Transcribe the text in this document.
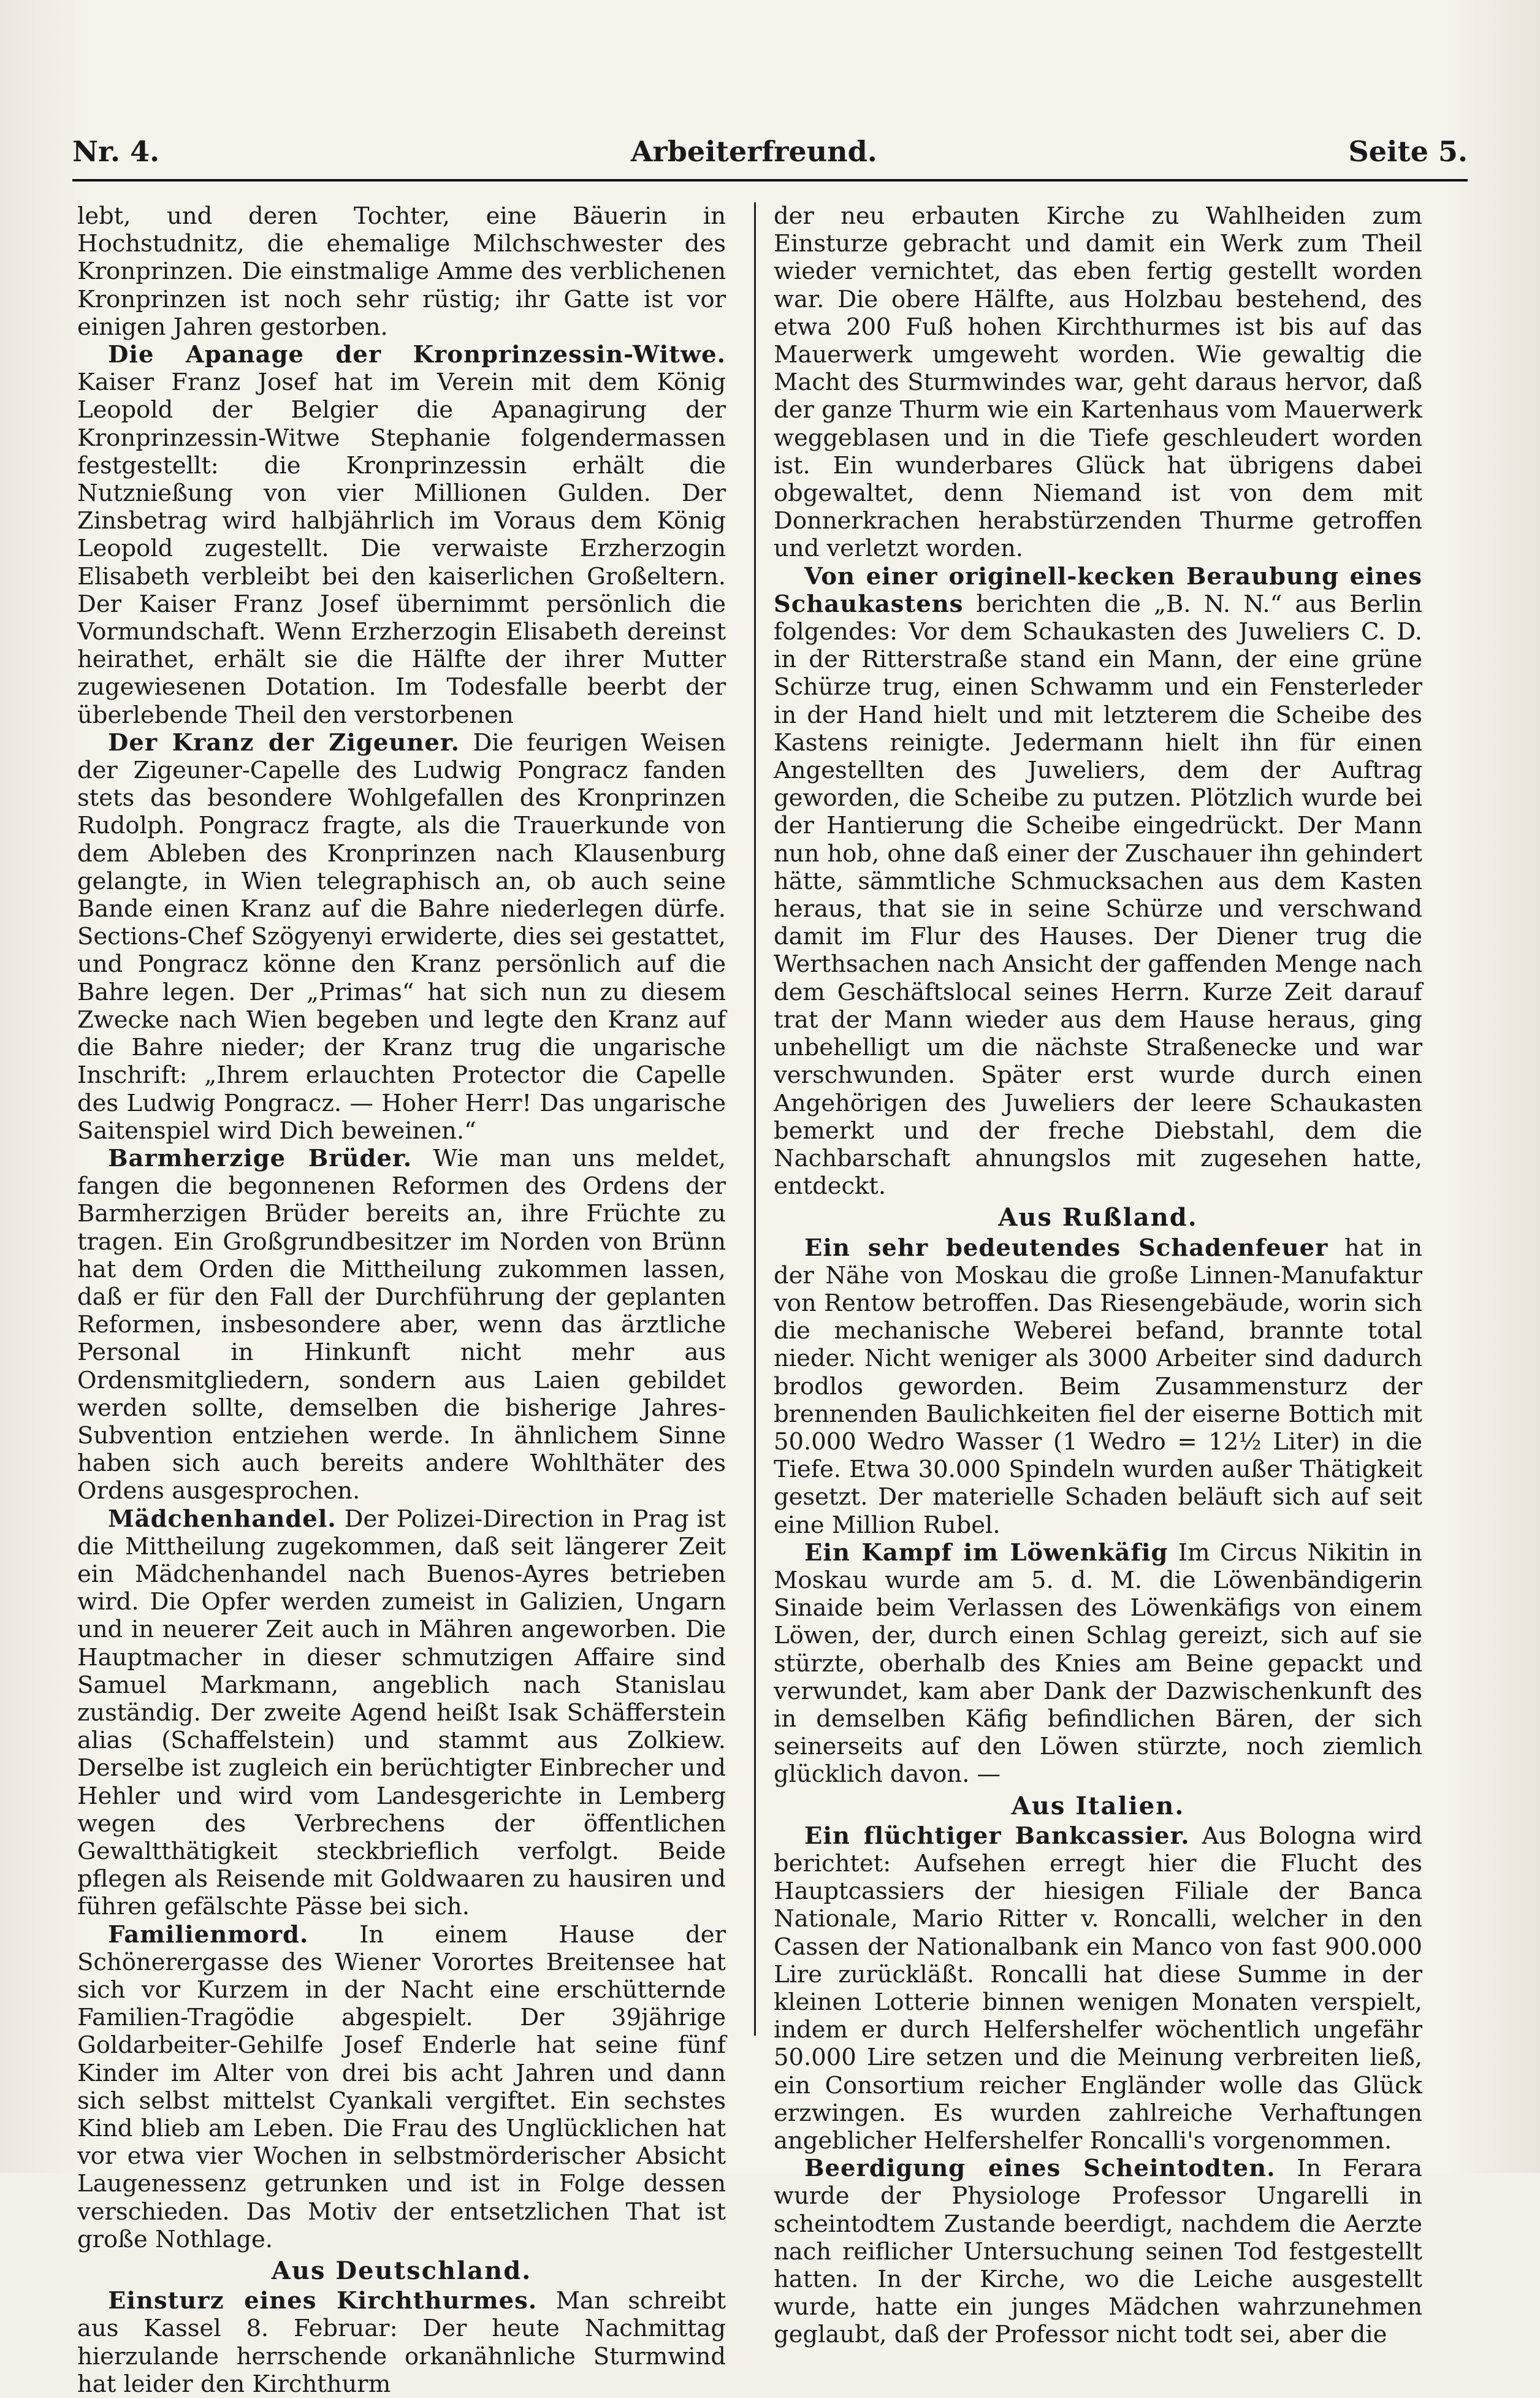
Nr. 4.	Arbeiterfreund.	Seite 5.

lebt, und deren Tochter, eine Bäuerin in Hochstudnitz, die ehemalige Milchschwester des Kronprinzen. Die einstmalige Amme des verblichenen Kronprinzen ist noch sehr rüstig; ihr Gatte ist vor einigen Jahren gestorben.

Die Apanage der Kronprinzessin-Witwe. Kaiser Franz Josef hat im Verein mit dem König Leopold der Belgier die Apanagirung der Kronprinzessin-Witwe Stephanie folgendermassen festgestellt: die Kronprinzessin erhält die Nutznießung von vier Millionen Gulden. Der Zinsbetrag wird halbjährlich im Voraus dem König Leopold zugestellt. Die verwaiste Erzherzogin Elisabeth verbleibt bei den kaiserlichen Großeltern. Der Kaiser Franz Josef übernimmt persönlich die Vormundschaft. Wenn Erzherzogin Elisabeth dereinst heirathet, erhält sie die Hälfte der ihrer Mutter zugewiesenen Dotation. Im Todesfalle beerbt der überlebende Theil den verstorbenen

Der Kranz der Zigeuner. Die feurigen Weisen der Zigeuner-Capelle des Ludwig Pongracz fanden stets das besondere Wohlgefallen des Kronprinzen Rudolph. Pongracz fragte, als die Trauerkunde von dem Ableben des Kronprinzen nach Klausenburg gelangte, in Wien telegraphisch an, ob auch seine Bande einen Kranz auf die Bahre niederlegen dürfe. Sections-Chef Szögyenyi erwiderte, dies sei gestattet, und Pongracz könne den Kranz persönlich auf die Bahre legen. Der „Primas“ hat sich nun zu diesem Zwecke nach Wien begeben und legte den Kranz auf die Bahre nieder; der Kranz trug die ungarische Inschrift: „Ihrem erlauchten Protector die Capelle des Ludwig Pongracz. — Hoher Herr! Das ungarische Saitenspiel wird Dich beweinen.“

Barmherzige Brüder. Wie man uns meldet, fangen die begonnenen Reformen des Ordens der Barmherzigen Brüder bereits an, ihre Früchte zu tragen. Ein Großgrundbesitzer im Norden von Brünn hat dem Orden die Mittheilung zukommen lassen, daß er für den Fall der Durchführung der geplanten Reformen, insbesondere aber, wenn das ärztliche Personal in Hinkunft nicht mehr aus Ordensmitgliedern, sondern aus Laien gebildet werden sollte, demselben die bisherige Jahres-Subvention entziehen werde. In ähnlichem Sinne haben sich auch bereits andere Wohlthäter des Ordens ausgesprochen.

Mädchenhandel. Der Polizei-Direction in Prag ist die Mittheilung zugekommen, daß seit längerer Zeit ein Mädchenhandel nach Buenos-Ayres betrieben wird. Die Opfer werden zumeist in Galizien, Ungarn und in neuerer Zeit auch in Mähren angeworben. Die Hauptmacher in dieser schmutzigen Affaire sind Samuel Markmann, angeblich nach Stanislau zuständig. Der zweite Agend heißt Isak Schäfferstein alias (Schaffelstein) und stammt aus Zolkiew. Derselbe ist zugleich ein berüchtigter Einbrecher und Hehler und wird vom Landesgerichte in Lemberg wegen des Verbrechens der öffentlichen Gewaltthätigkeit steckbrieflich verfolgt. Beide pflegen als Reisende mit Goldwaaren zu hausiren und führen gefälschte Pässe bei sich.

Familienmord. In einem Hause der Schönerergasse des Wiener Vorortes Breitensee hat sich vor Kurzem in der Nacht eine erschütternde Familien-Tragödie abgespielt. Der 39jährige Goldarbeiter-Gehilfe Josef Enderle hat seine fünf Kinder im Alter von drei bis acht Jahren und dann sich selbst mittelst Cyankali vergiftet. Ein sechstes Kind blieb am Leben. Die Frau des Unglücklichen hat vor etwa vier Wochen in selbstmörderischer Absicht Laugenessenz getrunken und ist in Folge dessen verschieden. Das Motiv der entsetzlichen That ist große Nothlage.

Aus Deutschland.

Einsturz eines Kirchthurmes. Man schreibt aus Kassel 8. Februar: Der heute Nachmittag hierzulande herrschende orkanähnliche Sturmwind hat leider den Kirchthurm

der neu erbauten Kirche zu Wahlheiden zum Einsturze gebracht und damit ein Werk zum Theil wieder vernichtet, das eben fertig gestellt worden war. Die obere Hälfte, aus Holzbau bestehend, des etwa 200 Fuß hohen Kirchthurmes ist bis auf das Mauerwerk umgeweht worden. Wie gewaltig die Macht des Sturmwindes war, geht daraus hervor, daß der ganze Thurm wie ein Kartenhaus vom Mauerwerk weggeblasen und in die Tiefe geschleudert worden ist. Ein wunderbares Glück hat übrigens dabei obgewaltet, denn Niemand ist von dem mit Donnerkrachen herabstürzenden Thurme getroffen und verletzt worden.

Von einer originell-kecken Beraubung eines Schaukastens berichten die „B. N. N.“ aus Berlin folgendes: Vor dem Schaukasten des Juweliers C. D. in der Ritterstraße stand ein Mann, der eine grüne Schürze trug, einen Schwamm und ein Fensterleder in der Hand hielt und mit letzterem die Scheibe des Kastens reinigte. Jedermann hielt ihn für einen Angestellten des Juweliers, dem der Auftrag geworden, die Scheibe zu putzen. Plötzlich wurde bei der Hantierung die Scheibe eingedrückt. Der Mann nun hob, ohne daß einer der Zuschauer ihn gehindert hätte, sämmtliche Schmucksachen aus dem Kasten heraus, that sie in seine Schürze und verschwand damit im Flur des Hauses. Der Diener trug die Werthsachen nach Ansicht der gaffenden Menge nach dem Geschäftslocal seines Herrn. Kurze Zeit darauf trat der Mann wieder aus dem Hause heraus, ging unbehelligt um die nächste Straßenecke und war verschwunden. Später erst wurde durch einen Angehörigen des Juweliers der leere Schaukasten bemerkt und der freche Diebstahl, dem die Nachbarschaft ahnungslos mit zugesehen hatte, entdeckt.

Aus Rußland.

Ein sehr bedeutendes Schadenfeuer hat in der Nähe von Moskau die große Linnen-Manufaktur von Rentow betroffen. Das Riesengebäude, worin sich die mechanische Weberei befand, brannte total nieder. Nicht weniger als 3000 Arbeiter sind dadurch brodlos geworden. Beim Zusammensturz der brennenden Baulichkeiten fiel der eiserne Bottich mit 50.000 Wedro Wasser (1 Wedro = 12½ Liter) in die Tiefe. Etwa 30.000 Spindeln wurden außer Thätigkeit gesetzt. Der materielle Schaden beläuft sich auf seit eine Million Rubel.

Ein Kampf im Löwenkäfig Im Circus Nikitin in Moskau wurde am 5. d. M. die Löwenbändigerin Sinaide beim Verlassen des Löwenkäfigs von einem Löwen, der, durch einen Schlag gereizt, sich auf sie stürzte, oberhalb des Knies am Beine gepackt und verwundet, kam aber Dank der Dazwischenkunft des in demselben Käfig befindlichen Bären, der sich seinerseits auf den Löwen stürzte, noch ziemlich glücklich davon. —

Aus Italien.

Ein flüchtiger Bankcassier. Aus Bologna wird berichtet: Aufsehen erregt hier die Flucht des Hauptcassiers der hiesigen Filiale der Banca Nationale, Mario Ritter v. Roncalli, welcher in den Cassen der Nationalbank ein Manco von fast 900.000 Lire zurückläßt. Roncalli hat diese Summe in der kleinen Lotterie binnen wenigen Monaten verspielt, indem er durch Helfershelfer wöchentlich ungefähr 50.000 Lire setzen und die Meinung verbreiten ließ, ein Consortium reicher Engländer wolle das Glück erzwingen. Es wurden zahlreiche Verhaftungen angeblicher Helfershelfer Roncalli's vorgenommen.

Beerdigung eines Scheintodten. In Ferara wurde der Physiologe Professor Ungarelli in scheintodtem Zustande beerdigt, nachdem die Aerzte nach reiflicher Untersuchung seinen Tod festgestellt hatten. In der Kirche, wo die Leiche ausgestellt wurde, hatte ein junges Mädchen wahrzunehmen geglaubt, daß der Professor nicht todt sei, aber die
